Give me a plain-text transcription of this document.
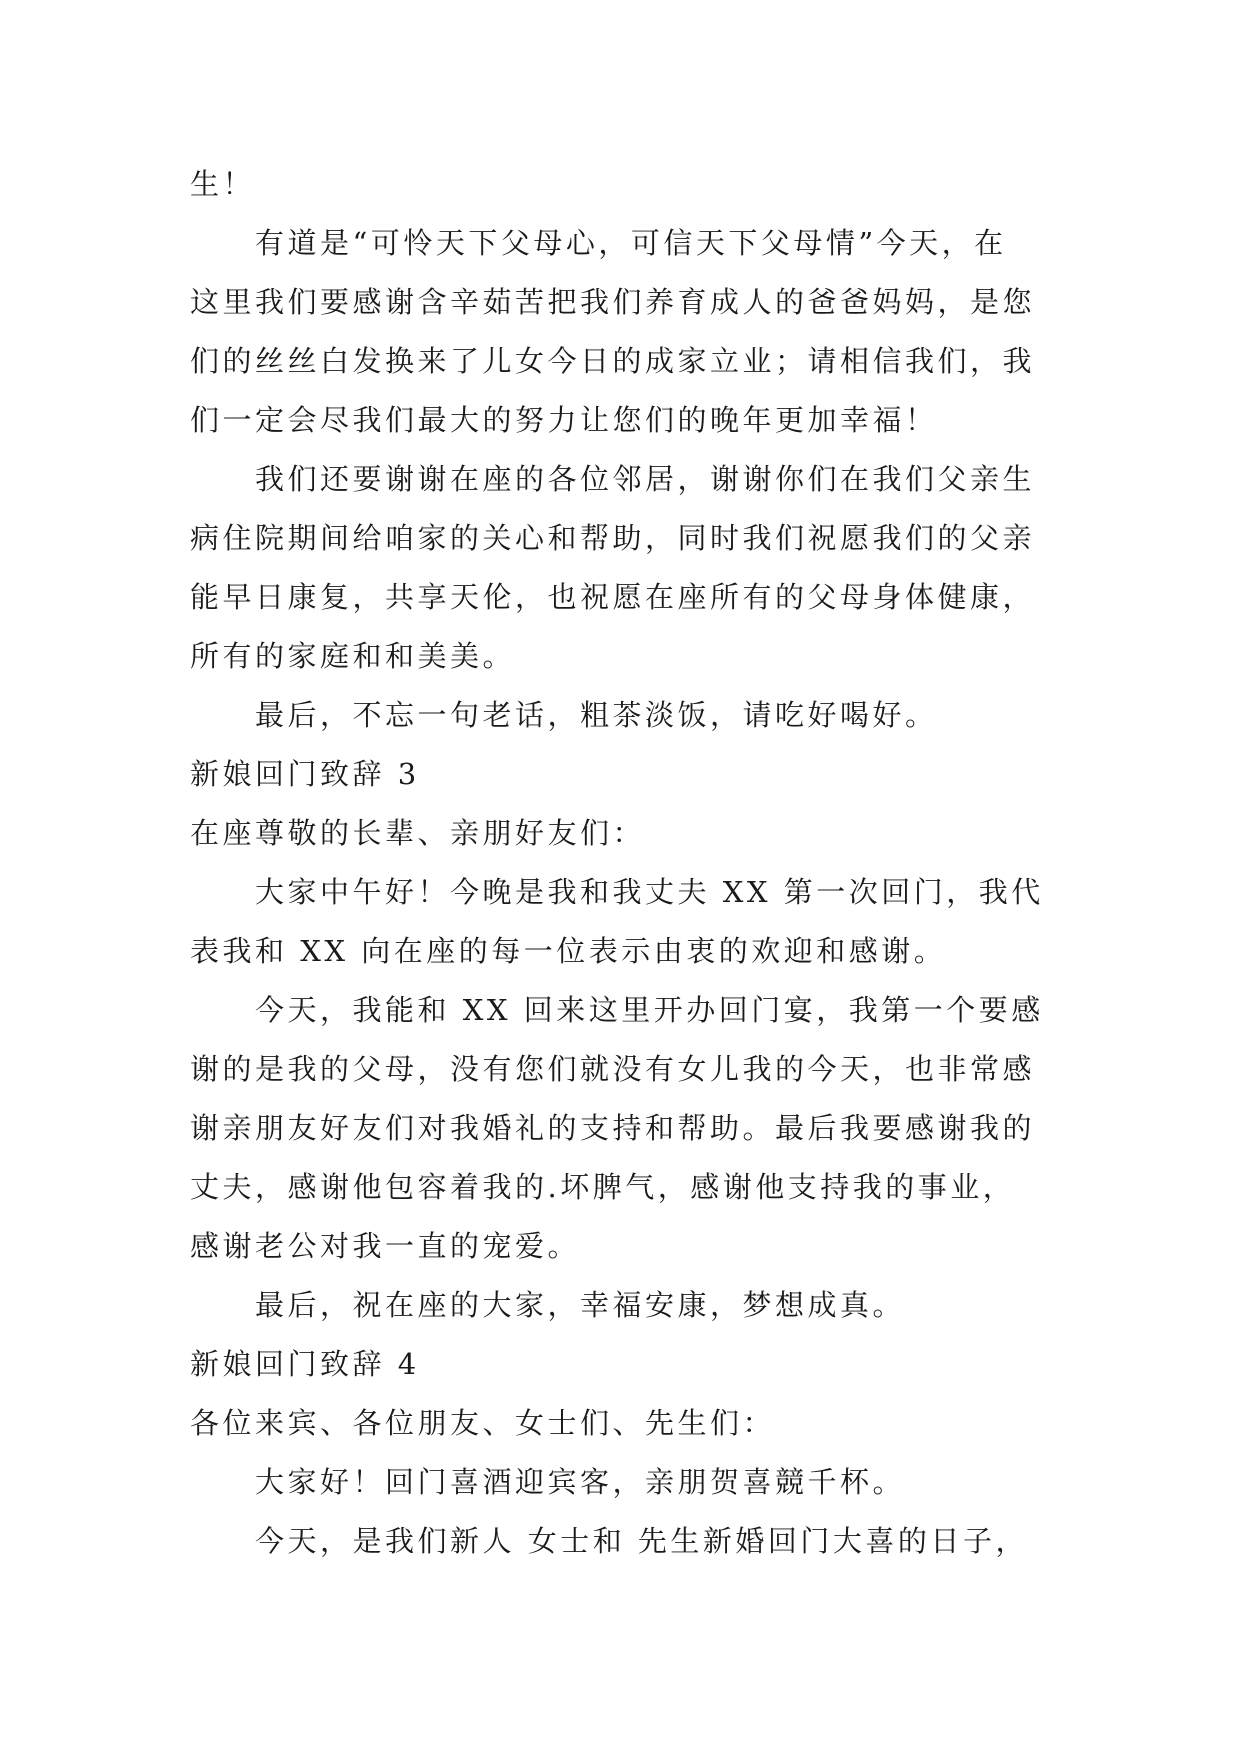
生！
有道是“可怜天下父母心，可信天下父母情”今天，在
这里我们要感谢含辛茹苦把我们养育成人的爸爸妈妈，是您
们的丝丝白发换来了儿女今日的成家立业；请相信我们，我
们一定会尽我们最大的努力让您们的晚年更加幸福！
我们还要谢谢在座的各位邻居，谢谢你们在我们父亲生
病住院期间给咱家的关心和帮助，同时我们祝愿我们的父亲
能早日康复，共享天伦，也祝愿在座所有的父母身体健康，
所有的家庭和和美美。
最后，不忘一句老话，粗茶淡饭，请吃好喝好。
新娘回门致辞 3
在座尊敬的长辈、亲朋好友们：
大家中午好！今晚是我和我丈夫 XX 第一次回门，我代
表我和 XX 向在座的每一位表示由衷的欢迎和感谢。
今天，我能和 XX 回来这里开办回门宴，我第一个要感
谢的是我的父母，没有您们就没有女儿我的今天，也非常感
谢亲朋友好友们对我婚礼的支持和帮助。最后我要感谢我的
丈夫，感谢他包容着我的.坏脾气，感谢他支持我的事业，
感谢老公对我一直的宠爱。
最后，祝在座的大家，幸福安康，梦想成真。
新娘回门致辞 4
各位来宾、各位朋友、女士们、先生们：
大家好！回门喜酒迎宾客，亲朋贺喜競千杯。
今天，是我们新人 女士和 先生新婚回门大喜的日子，
